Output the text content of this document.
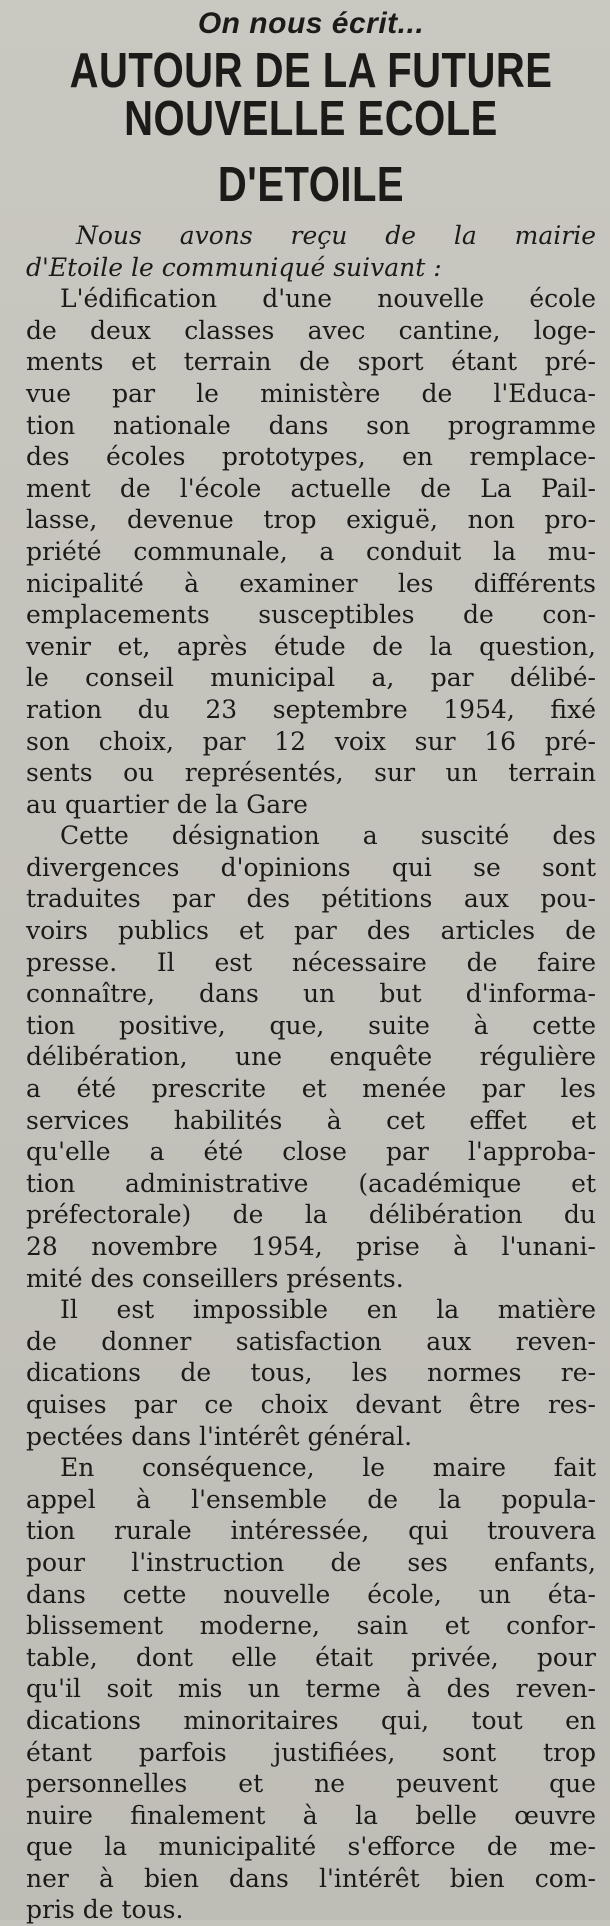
On nous écrit...
AUTOUR DE LA FUTURE
NOUVELLE ECOLE D'ETOILE
Nous avons reçu de la mairie
d'Etoile le communiqué suivant :
L'édification d'une nouvelle école
de deux classes avec cantine, loge-
ments et terrain de sport étant pré-
vue par le ministère de l'Educa-
tion nationale dans son programme
des écoles prototypes, en remplace-
ment de l'école actuelle de La Pail-
lasse, devenue trop exiguë, non pro-
priété communale, a conduit la mu-
nicipalité à examiner les différents
emplacements susceptibles de con-
venir et, après étude de la question,
le conseil municipal a, par délibé-
ration du 23 septembre 1954, fixé
son choix, par 12 voix sur 16 pré-
sents ou représentés, sur un terrain
au quartier de la Gare
Cette désignation a suscité des
divergences d'opinions qui se sont
traduites par des pétitions aux pou-
voirs publics et par des articles de
presse. Il est nécessaire de faire
connaître, dans un but d'informa-
tion positive, que, suite à cette
délibération, une enquête régulière
a été prescrite et menée par les
services habilités à cet effet et
qu'elle a été close par l'approba-
tion administrative (académique et
préfectorale) de la délibération du
28 novembre 1954, prise à l'unani-
mité des conseillers présents.
Il est impossible en la matière
de donner satisfaction aux reven-
dications de tous, les normes re-
quises par ce choix devant être res-
pectées dans l'intérêt général.
En conséquence, le maire fait
appel à l'ensemble de la popula-
tion rurale intéressée, qui trouvera
pour l'instruction de ses enfants,
dans cette nouvelle école, un éta-
blissement moderne, sain et confor-
table, dont elle était privée, pour
qu'il soit mis un terme à des reven-
dications minoritaires qui, tout en
étant parfois justifiées, sont trop
personnelles et ne peuvent que
nuire finalement à la belle œuvre
que la municipalité s'efforce de me-
ner à bien dans l'intérêt bien com-
pris de tous.
